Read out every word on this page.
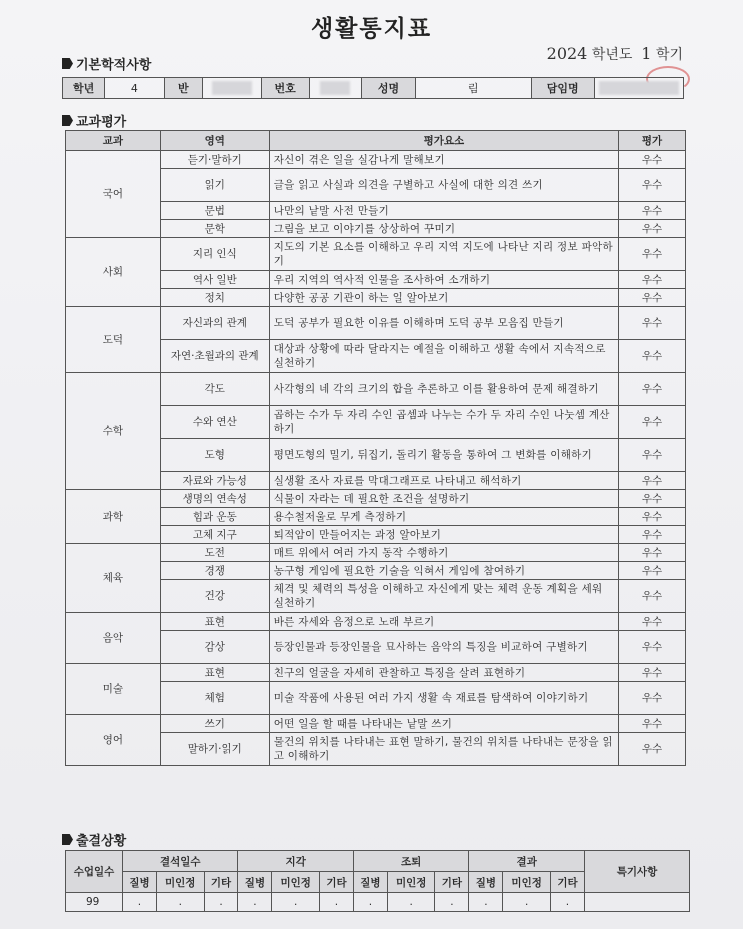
생활통지표
2024 학년도 1 학기
기본학적사항
학년	4	반		번호		성명	림	담임명	
교과평가
교과	영역	평가요소	평가
국어	듣기·말하기	자신이 겪은 일을 실감나게 말해보기	우수
	읽기	글을 읽고 사실과 의견을 구별하고 사실에 대한 의견 쓰기	우수
	문법	나만의 낱말 사전 만들기	우수
	문학	그림을 보고 이야기를 상상하여 꾸미기	우수
사회	지리 인식	지도의 기본 요소를 이해하고 우리 지역 지도에 나타난 지리 정보 파악하기	우수
	역사 일반	우리 지역의 역사적 인물을 조사하여 소개하기	우수
	정치	다양한 공공 기관이 하는 일 알아보기	우수
도덕	자신과의 관계	도덕 공부가 필요한 이유를 이해하며 도덕 공부 모음집 만들기	우수
	자연·초월과의 관계	대상과 상황에 따라 달라지는 예절을 이해하고 생활 속에서 지속적으로 실천하기	우수
수학	각도	사각형의 네 각의 크기의 합을 추론하고 이를 활용하여 문제 해결하기	우수
	수와 연산	곱하는 수가 두 자리 수인 곱셈과 나누는 수가 두 자리 수인 나눗셈 계산하기	우수
	도형	평면도형의 밀기, 뒤집기, 돌리기 활동을 통하여 그 변화를 이해하기	우수
	자료와 가능성	실생활 조사 자료를 막대그래프로 나타내고 해석하기	우수
과학	생명의 연속성	식물이 자라는 데 필요한 조건을 설명하기	우수
	힘과 운동	용수철저울로 무게 측정하기	우수
	고체 지구	퇴적암이 만들어지는 과정 알아보기	우수
체육	도전	매트 위에서 여러 가지 동작 수행하기	우수
	경쟁	농구형 게임에 필요한 기술을 익혀서 게임에 참여하기	우수
	건강	체격 및 체력의 특성을 이해하고 자신에게 맞는 체력 운동 계획을 세워 실천하기	우수
음악	표현	바른 자세와 음정으로 노래 부르기	우수
	감상	등장인물과 등장인물을 묘사하는 음악의 특징을 비교하여 구별하기	우수
미술	표현	친구의 얼굴을 자세히 관찰하고 특징을 살려 표현하기	우수
	체험	미술 작품에 사용된 여러 가지 생활 속 재료를 탐색하여 이야기하기	우수
영어	쓰기	어떤 일을 할 때를 나타내는 낱말 쓰기	우수
	말하기·읽기	물건의 위치를 나타내는 표현 말하기, 물건의 위치를 나타내는 문장을 읽고 이해하기	우수
출결상황
수업일수	결석일수			지각			조퇴			결과			특기사항
	질병	미인정	기타	질병	미인정	기타	질병	미인정	기타	질병	미인정	기타	
99	.	.	.	.	.	.	.	.	.	.	.	.	
